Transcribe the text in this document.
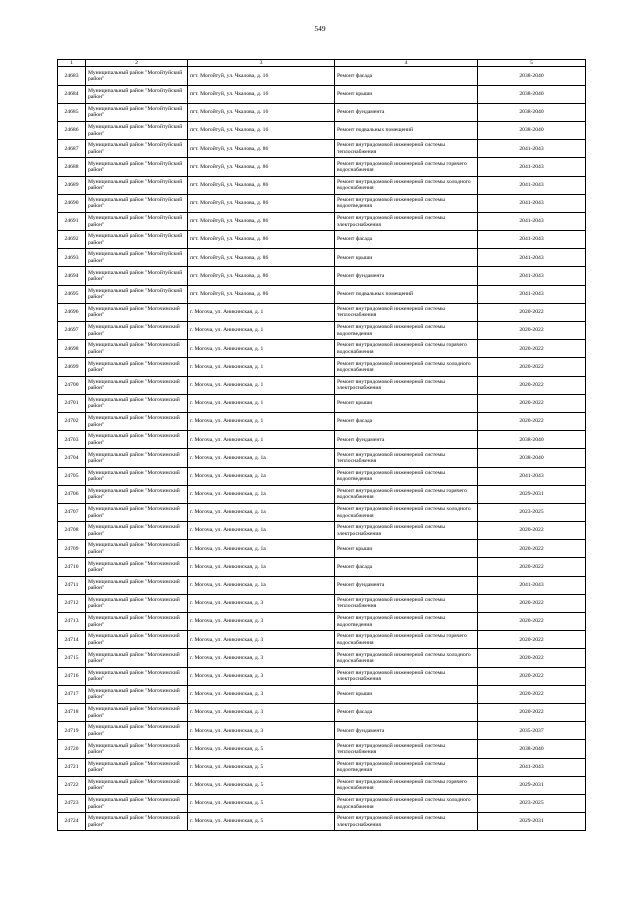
549
1	2	3	4	5
24683	Муниципальный район "Могойтуйский район"	пгт. Могойтуй, ул. Чкалова, д. 16	Ремонт фасада	2038-2040
24684	Муниципальный район "Могойтуйский район"	пгт. Могойтуй, ул. Чкалова, д. 16	Ремонт крыши	2038-2040
24685	Муниципальный район "Могойтуйский район"	пгт. Могойтуй, ул. Чкалова, д. 16	Ремонт фундамента	2038-2040
24686	Муниципальный район "Могойтуйский район"	пгт. Могойтуй, ул. Чкалова, д. 16	Ремонт подвальных помещений	2038-2040
24687	Муниципальный район "Могойтуйский район"	пгт. Могойтуй, ул. Чкалова, д. 86	Ремонт внутридомовой инженерной системы теплоснабжения	2041-2043
24688	Муниципальный район "Могойтуйский район"	пгт. Могойтуй, ул. Чкалова, д. 86	Ремонт внутридомовой инженерной системы горячего водоснабжения	2041-2043
24689	Муниципальный район "Могойтуйский район"	пгт. Могойтуй, ул. Чкалова, д. 86	Ремонт внутридомовой инженерной системы холодного водоснабжения	2041-2043
24690	Муниципальный район "Могойтуйский район"	пгт. Могойтуй, ул. Чкалова, д. 86	Ремонт внутридомовой инженерной системы водоотведения	2041-2043
24691	Муниципальный район "Могойтуйский район"	пгт. Могойтуй, ул. Чкалова, д. 86	Ремонт внутридомовой инженерной системы электроснабжения	2041-2043
24692	Муниципальный район "Могойтуйский район"	пгт. Могойтуй, ул. Чкалова, д. 86	Ремонт фасада	2041-2043
24693	Муниципальный район "Могойтуйский район"	пгт. Могойтуй, ул. Чкалова, д. 86	Ремонт крыши	2041-2043
24694	Муниципальный район "Могойтуйский район"	пгт. Могойтуй, ул. Чкалова, д. 86	Ремонт фундамента	2041-2043
24695	Муниципальный район "Могойтуйский район"	пгт. Могойтуй, ул. Чкалова, д. 86	Ремонт подвальных помещений	2041-2043
24696	Муниципальный район "Могочинский район"	г. Могоча, ул. Аникинская, д. 1	Ремонт внутридомовой инженерной системы теплоснабжения	2020-2022
24697	Муниципальный район "Могочинский район"	г. Могоча, ул. Аникинская, д. 1	Ремонт внутридомовой инженерной системы водоотведения	2020-2022
24698	Муниципальный район "Могочинский район"	г. Могоча, ул. Аникинская, д. 1	Ремонт внутридомовой инженерной системы горячего водоснабжения	2020-2022
24699	Муниципальный район "Могочинский район"	г. Могоча, ул. Аникинская, д. 1	Ремонт внутридомовой инженерной системы холодного водоснабжения	2020-2022
24700	Муниципальный район "Могочинский район"	г. Могоча, ул. Аникинская, д. 1	Ремонт внутридомовой инженерной системы электроснабжения	2020-2022
24701	Муниципальный район "Могочинский район"	г. Могоча, ул. Аникинская, д. 1	Ремонт крыши	2020-2022
24702	Муниципальный район "Могочинский район"	г. Могоча, ул. Аникинская, д. 1	Ремонт фасада	2020-2022
24703	Муниципальный район "Могочинский район"	г. Могоча, ул. Аникинская, д. 1	Ремонт фундамента	2038-2040
24704	Муниципальный район "Могочинский район"	г. Могоча, ул. Аникинская, д. 1а	Ремонт внутридомовой инженерной системы теплоснабжения	2038-2040
24705	Муниципальный район "Могочинский район"	г. Могоча, ул. Аникинская, д. 1а	Ремонт внутридомовой инженерной системы водоотведения	2041-2043
24706	Муниципальный район "Могочинский район"	г. Могоча, ул. Аникинская, д. 1а	Ремонт внутридомовой инженерной системы горячего водоснабжения	2029-2031
24707	Муниципальный район "Могочинский район"	г. Могоча, ул. Аникинская, д. 1а	Ремонт внутридомовой инженерной системы холодного водоснабжения	2023-2025
24708	Муниципальный район "Могочинский район"	г. Могоча, ул. Аникинская, д. 1а	Ремонт внутридомовой инженерной системы электроснабжения	2020-2022
24709	Муниципальный район "Могочинский район"	г. Могоча, ул. Аникинская, д. 1а	Ремонт крыши	2020-2022
24710	Муниципальный район "Могочинский район"	г. Могоча, ул. Аникинская, д. 1а	Ремонт фасада	2020-2022
24711	Муниципальный район "Могочинский район"	г. Могоча, ул. Аникинская, д. 1а	Ремонт фундамента	2041-2043
24712	Муниципальный район "Могочинский район"	г. Могоча, ул. Аникинская, д. 3	Ремонт внутридомовой инженерной системы теплоснабжения	2020-2022
24713	Муниципальный район "Могочинский район"	г. Могоча, ул. Аникинская, д. 3	Ремонт внутридомовой инженерной системы водоотведения	2020-2022
24714	Муниципальный район "Могочинский район"	г. Могоча, ул. Аникинская, д. 3	Ремонт внутридомовой инженерной системы горячего водоснабжения	2020-2022
24715	Муниципальный район "Могочинский район"	г. Могоча, ул. Аникинская, д. 3	Ремонт внутридомовой инженерной системы холодного водоснабжения	2020-2022
24716	Муниципальный район "Могочинский район"	г. Могоча, ул. Аникинская, д. 3	Ремонт внутридомовой инженерной системы электроснабжения	2020-2022
24717	Муниципальный район "Могочинский район"	г. Могоча, ул. Аникинская, д. 3	Ремонт крыши	2020-2022
24718	Муниципальный район "Могочинский район"	г. Могоча, ул. Аникинская, д. 3	Ремонт фасада	2020-2022
24719	Муниципальный район "Могочинский район"	г. Могоча, ул. Аникинская, д. 3	Ремонт фундамента	2035-2037
24720	Муниципальный район "Могочинский район"	г. Могоча, ул. Аникинская, д. 5	Ремонт внутридомовой инженерной системы теплоснабжения	2038-2040
24721	Муниципальный район "Могочинский район"	г. Могоча, ул. Аникинская, д. 5	Ремонт внутридомовой инженерной системы водоотведения	2041-2043
24722	Муниципальный район "Могочинский район"	г. Могоча, ул. Аникинская, д. 5	Ремонт внутридомовой инженерной системы горячего водоснабжения	2029-2031
24723	Муниципальный район "Могочинский район"	г. Могоча, ул. Аникинская, д. 5	Ремонт внутридомовой инженерной системы холодного водоснабжения	2023-2025
24724	Муниципальный район "Могочинский район"	г. Могоча, ул. Аникинская, д. 5	Ремонт внутридомовой инженерной системы электроснабжения	2029-2031
